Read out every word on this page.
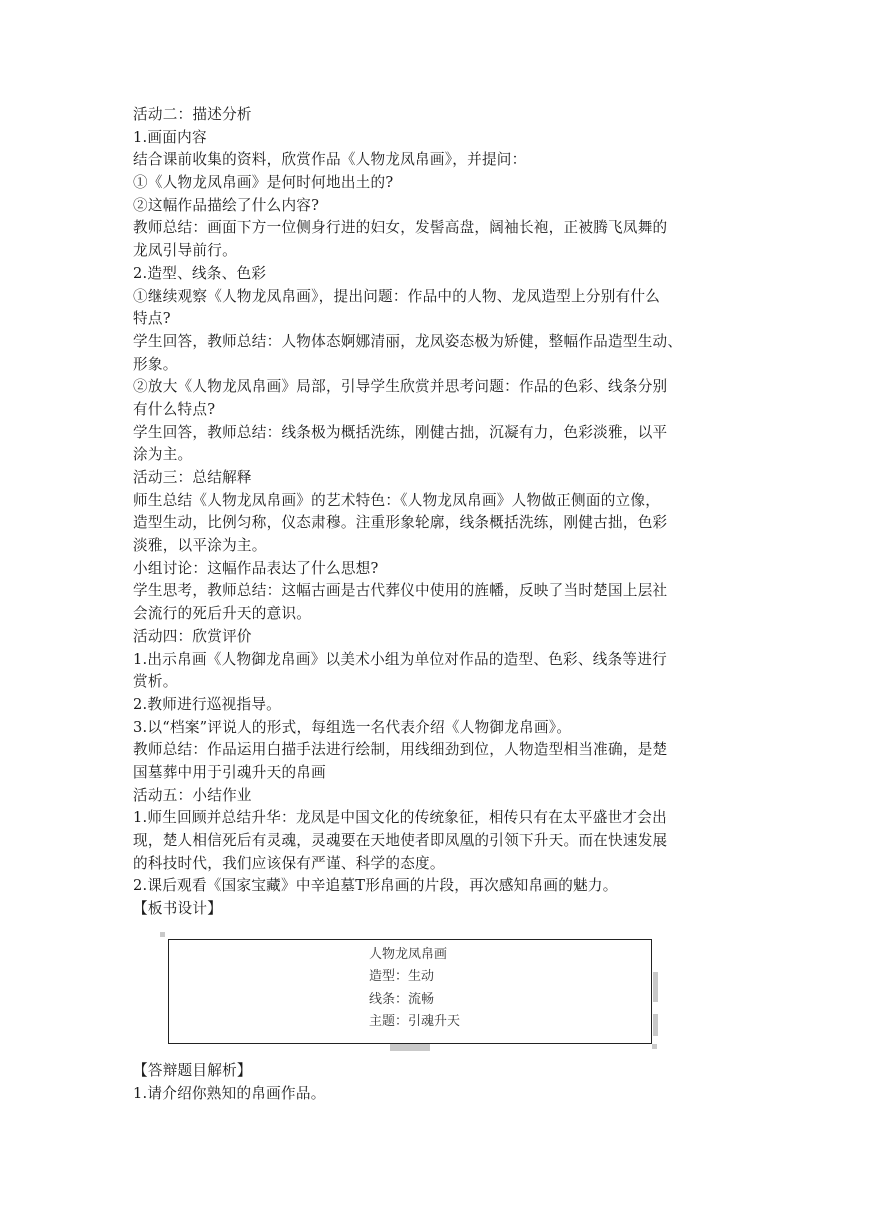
活动二：描述分析
1.画面内容
结合课前收集的资料，欣赏作品《人物龙凤帛画》，并提问：
①《人物龙凤帛画》是何时何地出土的?
②这幅作品描绘了什么内容?
教师总结：画面下方一位侧身行进的妇女，发髻高盘，阔袖长袍，正被腾飞凤舞的
龙凤引导前行。
2.造型、线条、色彩
①继续观察《人物龙凤帛画》，提出问题：作品中的人物、龙凤造型上分别有什么
特点?
学生回答，教师总结：人物体态婀娜清丽，龙凤姿态极为矫健，整幅作品造型生动、
形象。
②放大《人物龙凤帛画》局部，引导学生欣赏并思考问题：作品的色彩、线条分别
有什么特点?
学生回答，教师总结：线条极为概括洗练，刚健古拙，沉凝有力，色彩淡雅，以平
涂为主。
活动三：总结解释
师生总结《人物龙凤帛画》的艺术特色：《人物龙凤帛画》人物做正侧面的立像，
造型生动，比例匀称，仪态肃穆。注重形象轮廓，线条概括洗练，刚健古拙，色彩
淡雅，以平涂为主。
小组讨论：这幅作品表达了什么思想?
学生思考，教师总结：这幅古画是古代葬仪中使用的旌幡，反映了当时楚国上层社
会流行的死后升天的意识。
活动四：欣赏评价
1.出示帛画《人物御龙帛画》以美术小组为单位对作品的造型、色彩、线条等进行
赏析。
2.教师进行巡视指导。
3.以“档案”评说人的形式，每组选一名代表介绍《人物御龙帛画》。
教师总结：作品运用白描手法进行绘制，用线细劲到位，人物造型相当准确，是楚
国墓葬中用于引魂升天的帛画
活动五：小结作业
1.师生回顾并总结升华：龙凤是中国文化的传统象征，相传只有在太平盛世才会出
现，楚人相信死后有灵魂，灵魂要在天地使者即凤凰的引领下升天。而在快速发展
的科技时代，我们应该保有严谨、科学的态度。
2.课后观看《国家宝藏》中辛追墓T形帛画的片段，再次感知帛画的魅力。
【板书设计】
人物龙凤帛画
造型：生动
线条：流畅
主题：引魂升天
【答辩题目解析】
1.请介绍你熟知的帛画作品。
